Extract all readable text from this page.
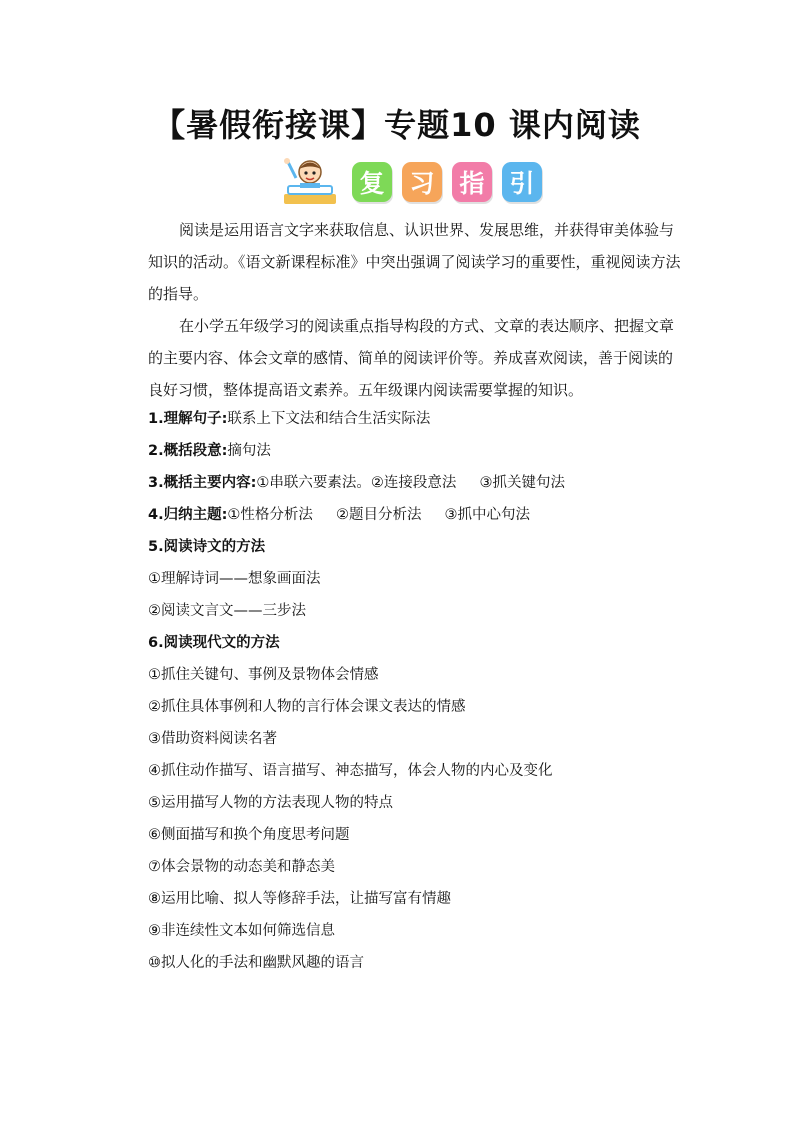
【暑假衔接课】专题10 课内阅读
复 习 指 引
阅读是运用语言文字来获取信息、认识世界、发展思维，并获得审美体验与知识的活动。《语文新课程标准》中突出强调了阅读学习的重要性，重视阅读方法的指导。
在小学五年级学习的阅读重点指导构段的方式、文章的表达顺序、把握文章的主要内容、体会文章的感情、简单的阅读评价等。养成喜欢阅读，善于阅读的良好习惯，整体提高语文素养。五年级课内阅读需要掌握的知识。
1.理解句子:联系上下文法和结合生活实际法
2.概括段意:摘句法
3.概括主要内容:①串联六要素法。②连接段意法     ③抓关键句法
4.归纳主题:①性格分析法     ②题目分析法     ③抓中心句法
5.阅读诗文的方法
①理解诗词——想象画面法
②阅读文言文——三步法
6.阅读现代文的方法
①抓住关键句、事例及景物体会情感
②抓住具体事例和人物的言行体会课文表达的情感
③借助资料阅读名著
④抓住动作描写、语言描写、神态描写，体会人物的内心及变化
⑤运用描写人物的方法表现人物的特点
⑥侧面描写和换个角度思考问题
⑦体会景物的动态美和静态美
⑧运用比喻、拟人等修辞手法，让描写富有情趣
⑨非连续性文本如何筛选信息
⑩拟人化的手法和幽默风趣的语言
